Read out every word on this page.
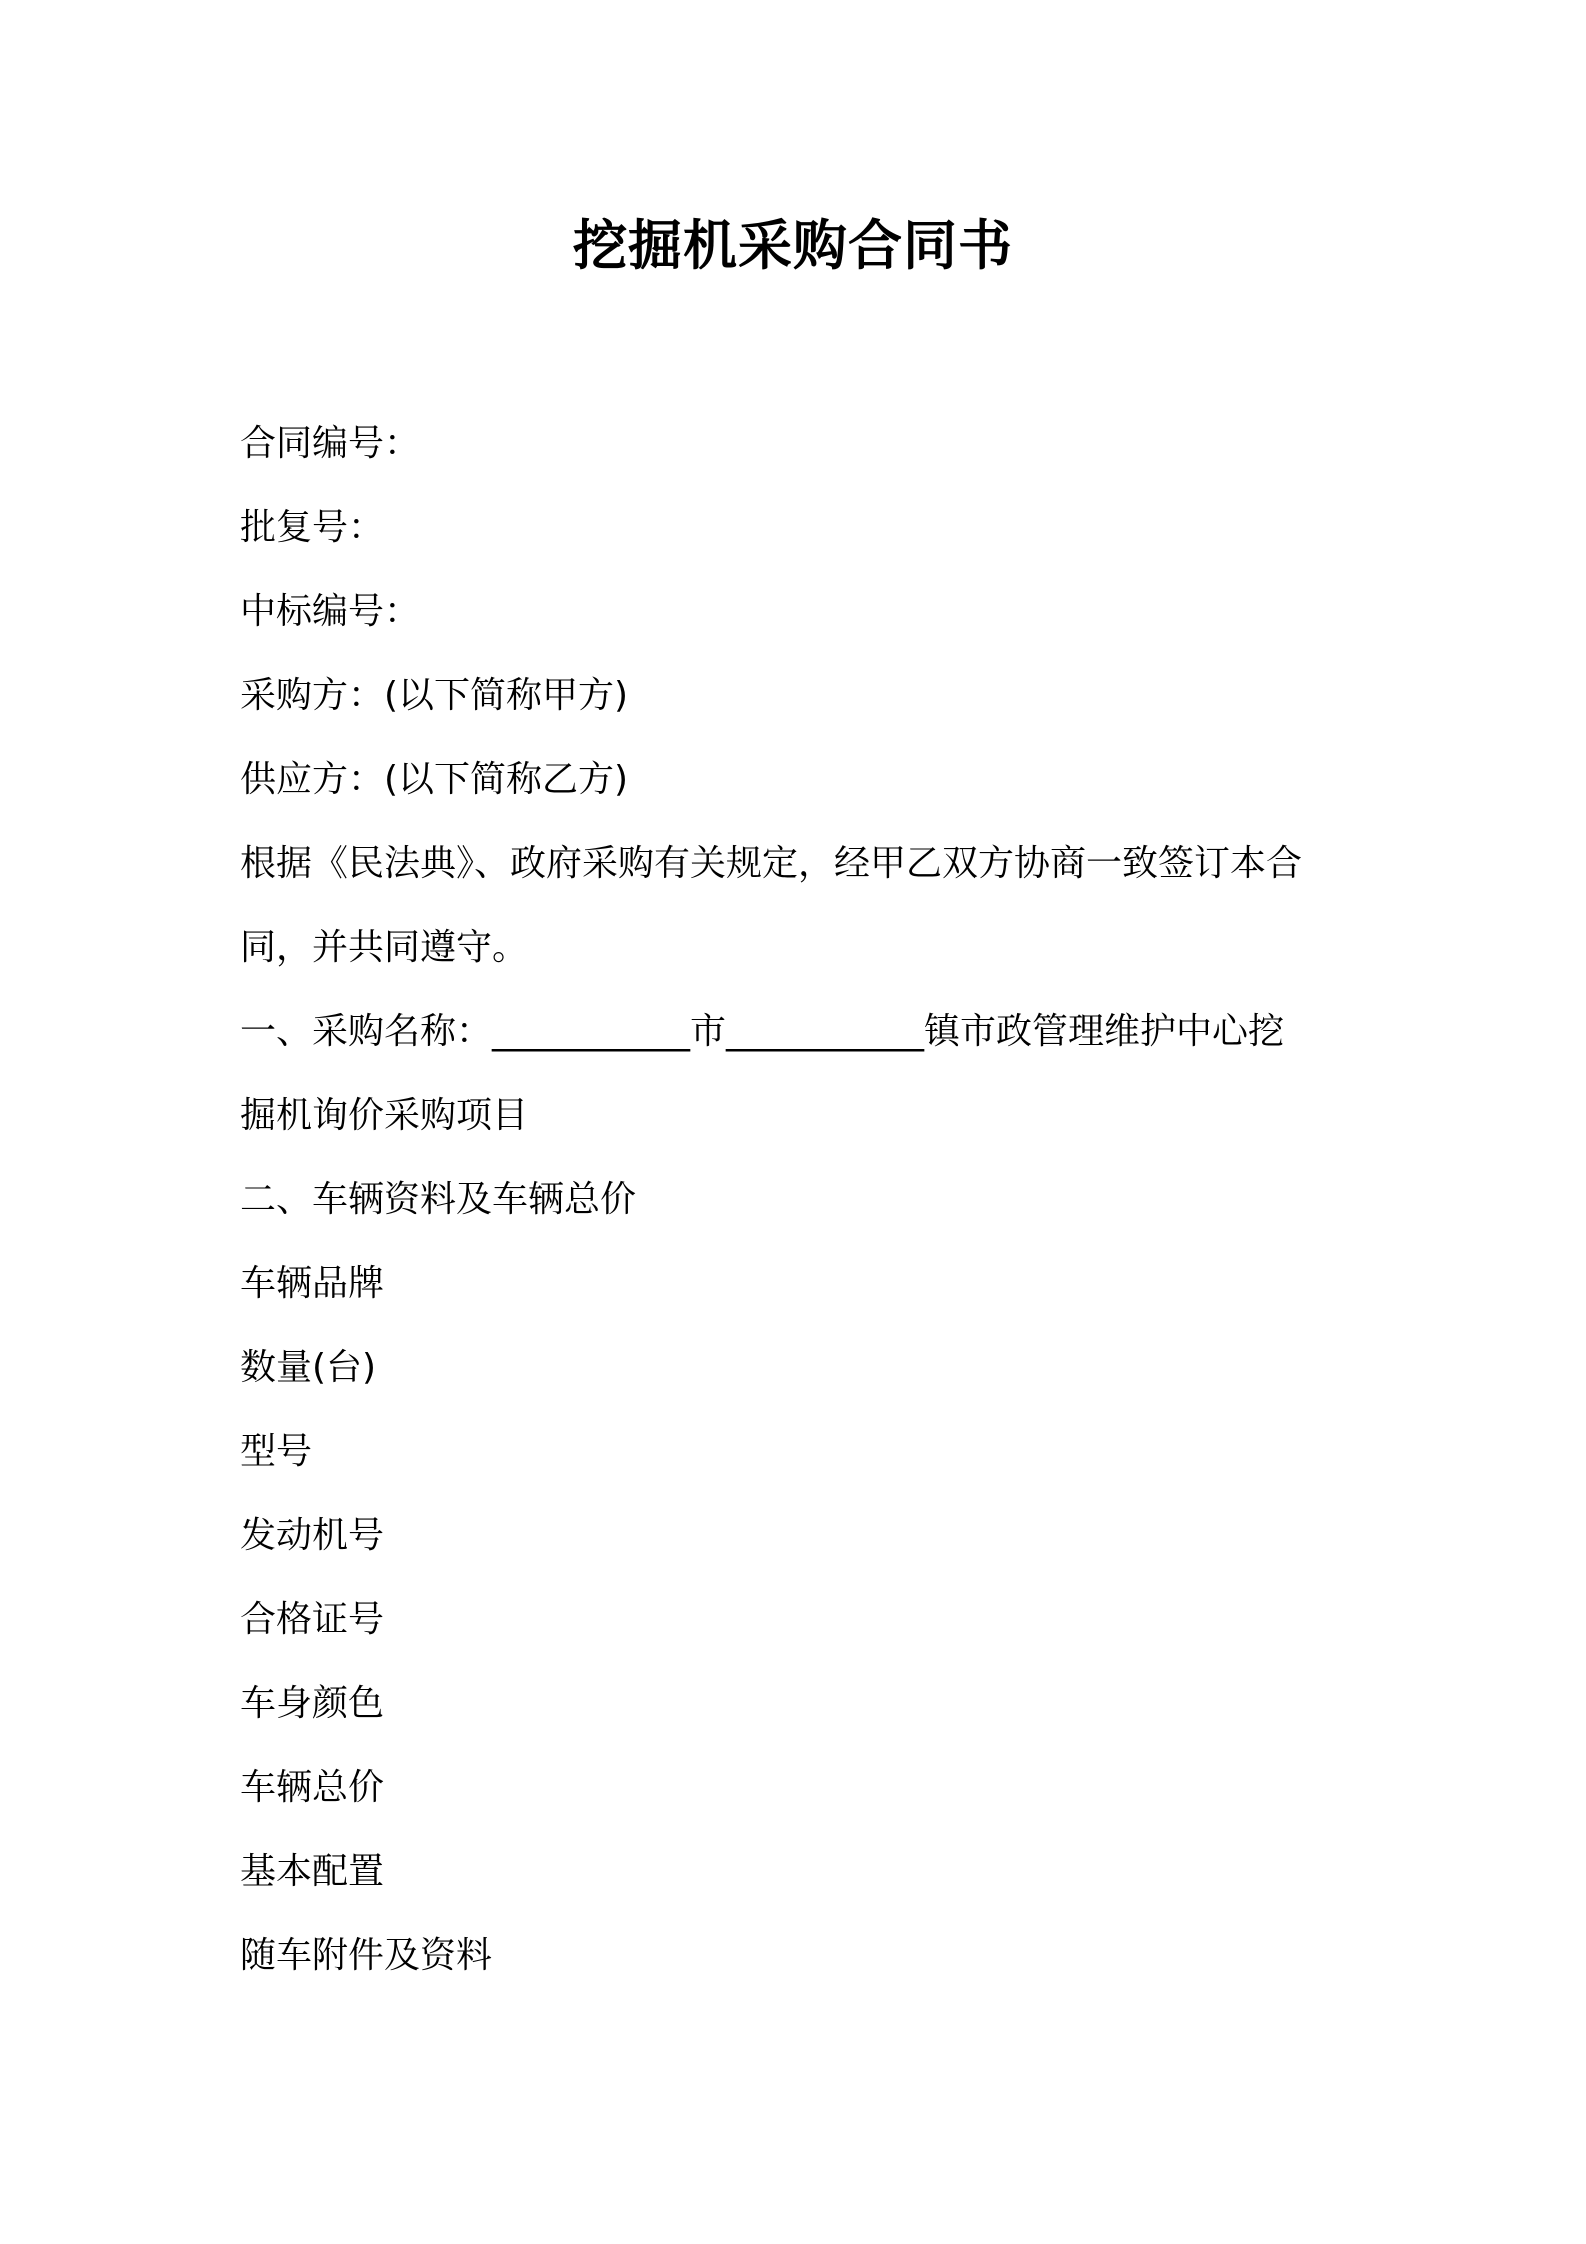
挖掘机采购合同书

合同编号：

批复号：

中标编号：

采购方：(以下简称甲方)

供应方：(以下简称乙方)

根据《民法典》、政府采购有关规定，经甲乙双方协商一致签订本合

同，并共同遵守。

一、采购名称：___________市___________镇市政管理维护中心挖

掘机询价采购项目

二、车辆资料及车辆总价

车辆品牌

数量(台)

型号

发动机号

合格证号

车身颜色

车辆总价

基本配置

随车附件及资料
